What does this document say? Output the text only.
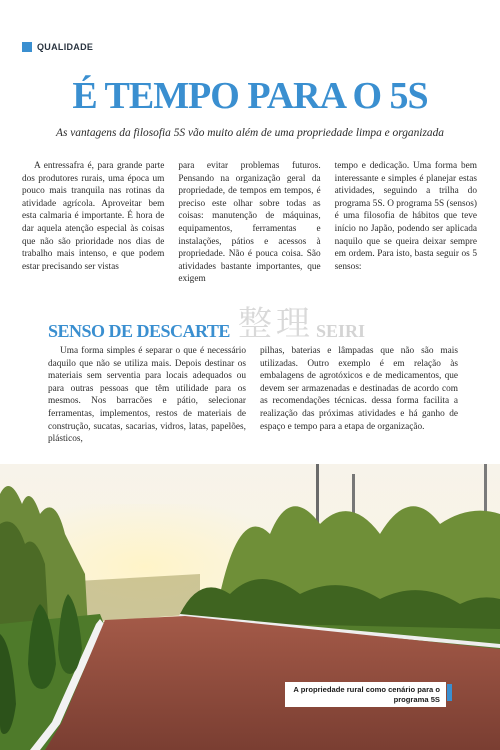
QUALIDADE
É TEMPO PARA O 5S

As vantagens da filosofia 5S vão muito além de uma propriedade limpa e organizada

A entressafra é, para grande parte dos produtores rurais, uma época um pouco mais tranquila nas rotinas da atividade agrícola. Aproveitar bem esta calmaria é importante. É hora de dar aquela atenção especial às coisas que não são prioridade nos dias de trabalho mais intenso, e que podem estar precisando ser vistas

para evitar problemas futuros. Pensando na organização geral da propriedade, de tempos em tempos, é preciso este olhar sobre todas as coisas: manutenção de máquinas, equipamentos, ferramentas e instalações, pátios e acessos à propriedade. Não é pouca coisa. São atividades bastante importantes, que exigem

tempo e dedicação. Uma forma bem interessante e simples é planejar estas atividades, seguindo a trilha do programa 5S. O programa 5S (sensos) é uma filosofia de hábitos que teve início no Japão, podendo ser aplicada naquilo que se queira deixar sempre em ordem. Para isto, basta seguir os 5 sensos:

SENSO DE DESCARTE 整理 SEIRI

Uma forma simples é separar o que é necessário daquilo que não se utiliza mais. Depois destinar os materiais sem serventia para locais adequados ou para outras pessoas que têm utilidade para os mesmos. Nos barracões e pátio, selecionar ferramentas, implementos, restos de materiais de construção, sucatas, sacarias, vidros, latas, papelões, plásticos,

pilhas, baterias e lâmpadas que não são mais utilizadas. Outro exemplo é em relação às embalagens de agrotóxicos e de medicamentos, que devem ser armazenadas e destinadas de acordo com as recomendações técnicas. dessa forma facilita a realização das próximas atividades e há ganho de espaço e tempo para a etapa de organização.

A propriedade rural como cenário para o
programa 5S
